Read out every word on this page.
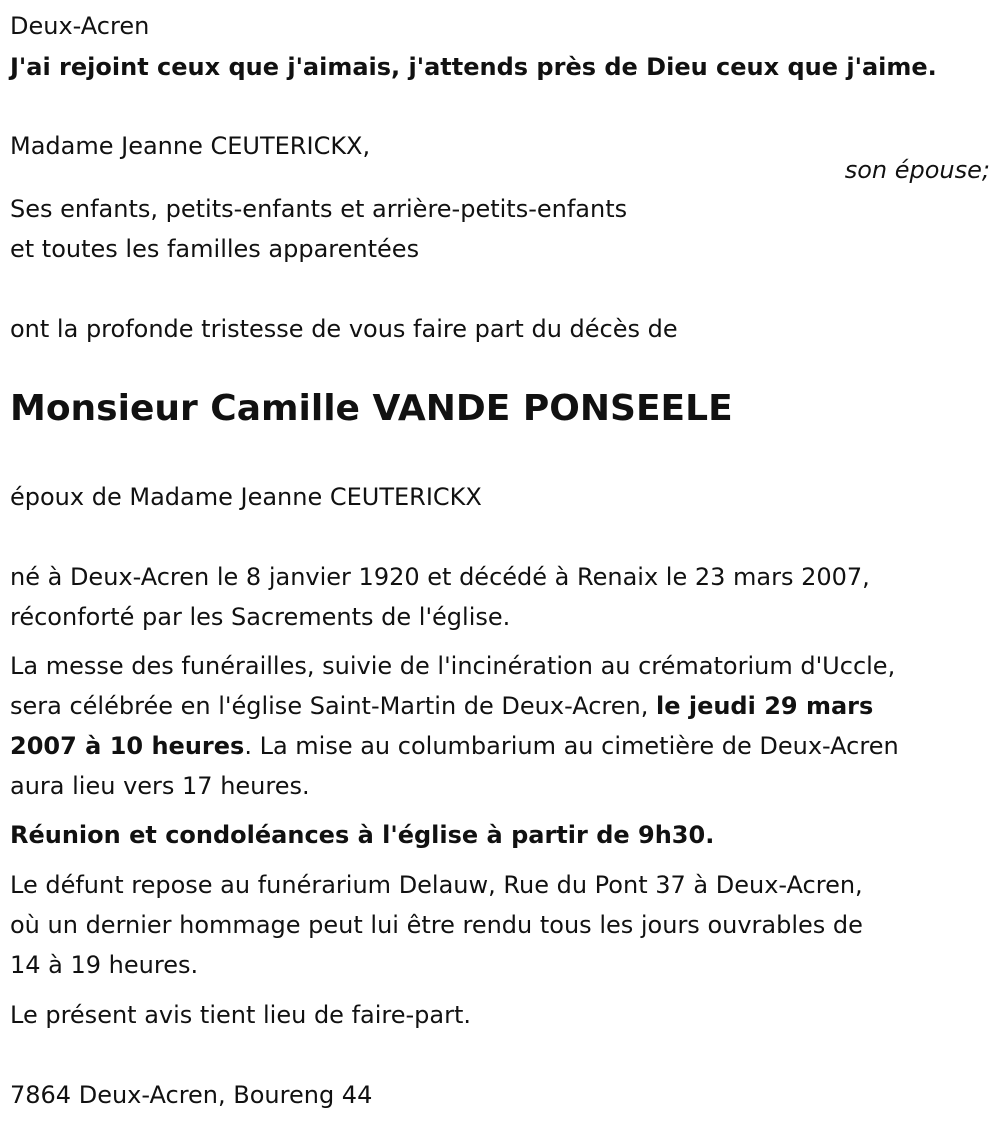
Deux-Acren
J'ai rejoint ceux que j'aimais, j'attends près de Dieu ceux que j'aime.
Madame Jeanne CEUTERICKX,
son épouse;
Ses enfants, petits-enfants et arrière-petits-enfants
et toutes les familles apparentées
ont la profonde tristesse de vous faire part du décès de
Monsieur Camille VANDE PONSEELE
époux de Madame Jeanne CEUTERICKX
né à Deux-Acren le 8 janvier 1920 et décédé à Renaix le 23 mars 2007,
réconforté par les Sacrements de l'église.
La messe des funérailles, suivie de l'incinération au crématorium d'Uccle,
sera célébrée en l'église Saint-Martin de Deux-Acren, le jeudi 29 mars
2007 à 10 heures. La mise au columbarium au cimetière de Deux-Acren
aura lieu vers 17 heures.
Réunion et condoléances à l'église à partir de 9h30.
Le défunt repose au funérarium Delauw, Rue du Pont 37 à Deux-Acren,
où un dernier hommage peut lui être rendu tous les jours ouvrables de
14 à 19 heures.
Le présent avis tient lieu de faire-part.
7864 Deux-Acren, Boureng 44
